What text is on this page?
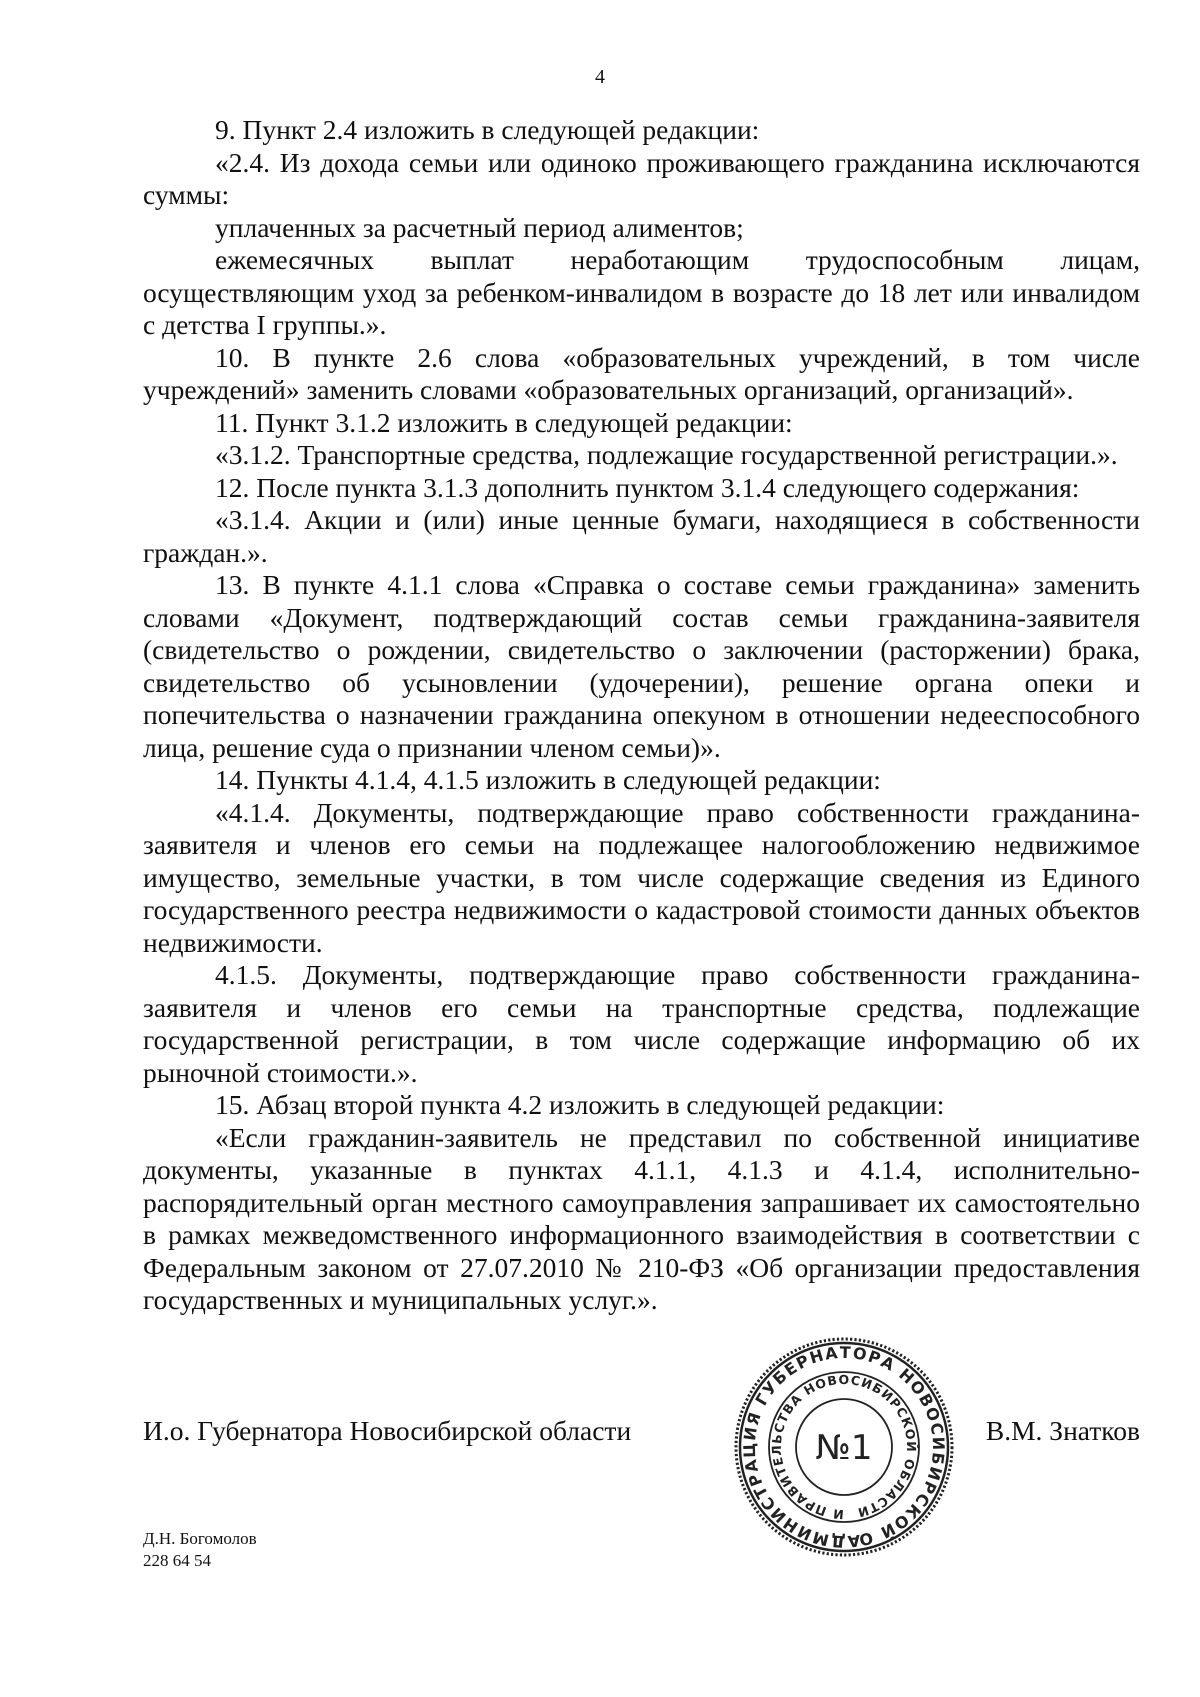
4

9. Пункт 2.4 изложить в следующей редакции:

«2.4. Из дохода семьи или одиноко проживающего гражданина исключаются суммы:

уплаченных за расчетный период алиментов;

ежемесячных выплат неработающим трудоспособным лицам, осуществляющим уход за ребенком-инвалидом в возрасте до 18 лет или инвалидом с детства I группы.».

10. В пункте 2.6 слова «образовательных учреждений, в том числе учреждений» заменить словами «образовательных организаций, организаций».

11. Пункт 3.1.2 изложить в следующей редакции:

«3.1.2. Транспортные средства, подлежащие государственной регистрации.».

12. После пункта 3.1.3 дополнить пунктом 3.1.4 следующего содержания:

«3.1.4. Акции и (или) иные ценные бумаги, находящиеся в собственности граждан.».

13. В пункте 4.1.1 слова «Справка о составе семьи гражданина» заменить словами «Документ, подтверждающий состав семьи гражданина-заявителя (свидетельство о рождении, свидетельство о заключении (расторжении) брака, свидетельство об усыновлении (удочерении), решение органа опеки и попечительства о назначении гражданина опекуном в отношении недееспособного лица, решение суда о признании членом семьи)».

14. Пункты 4.1.4, 4.1.5 изложить в следующей редакции:

«4.1.4. Документы, подтверждающие право собственности гражданина-заявителя и членов его семьи на подлежащее налогообложению недвижимое имущество, земельные участки, в том числе содержащие сведения из Единого государственного реестра недвижимости о кадастровой стоимости данных объектов недвижимости.

4.1.5. Документы, подтверждающие право собственности гражданина-заявителя и членов его семьи на транспортные средства, подлежащие государственной регистрации, в том числе содержащие информацию об их рыночной стоимости.».

15. Абзац второй пункта 4.2 изложить в следующей редакции:

«Если гражданин-заявитель не представил по собственной инициативе документы, указанные в пунктах 4.1.1, 4.1.3 и 4.1.4, исполнительно-распорядительный орган местного самоуправления запрашивает их самостоятельно в рамках межведомственного информационного взаимодействия в соответствии с Федеральным законом от 27.07.2010 № 210-ФЗ «Об организации предоставления государственных и муниципальных услуг.».

И.о. Губернатора Новосибирской области	В.М. Знатков
АДМИНИСТРАЦИЯ ГУБЕРНАТОРА НОВОСИБИРСКОЙ ОБЛАСТИ
И ПРАВИТЕЛЬСТВА НОВОСИБИРСКОЙ ОБЛАСТИ
№1
Д.Н. Богомолов
228 64 54
